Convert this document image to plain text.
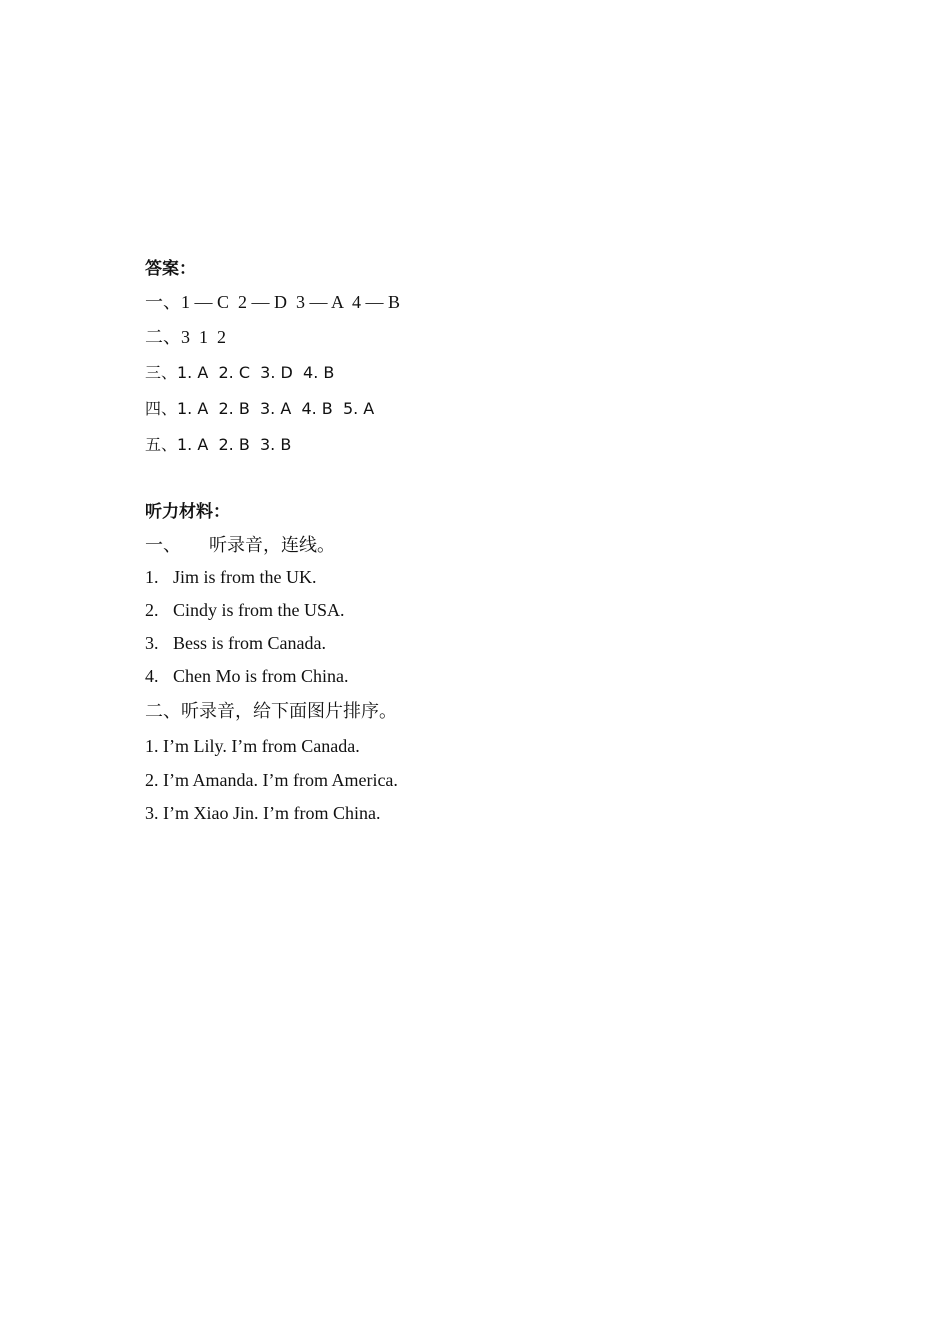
答案：
一、1 — C  2 — D  3 — A  4 — B
二、3  1  2
三、1. A  2. C  3. D  4. B
四、1. A  2. B  3. A  4. B  5. A
五、1. A  2. B  3. B
听力材料：
一、 听录音，连线。
1. Jim is from the UK.
2. Cindy is from the USA.
3. Bess is from Canada.
4. Chen Mo is from China.
二、听录音，给下面图片排序。
1. I’m Lily. I’m from Canada.
2. I’m Amanda. I’m from America.
3. I’m Xiao Jin. I’m from China.
